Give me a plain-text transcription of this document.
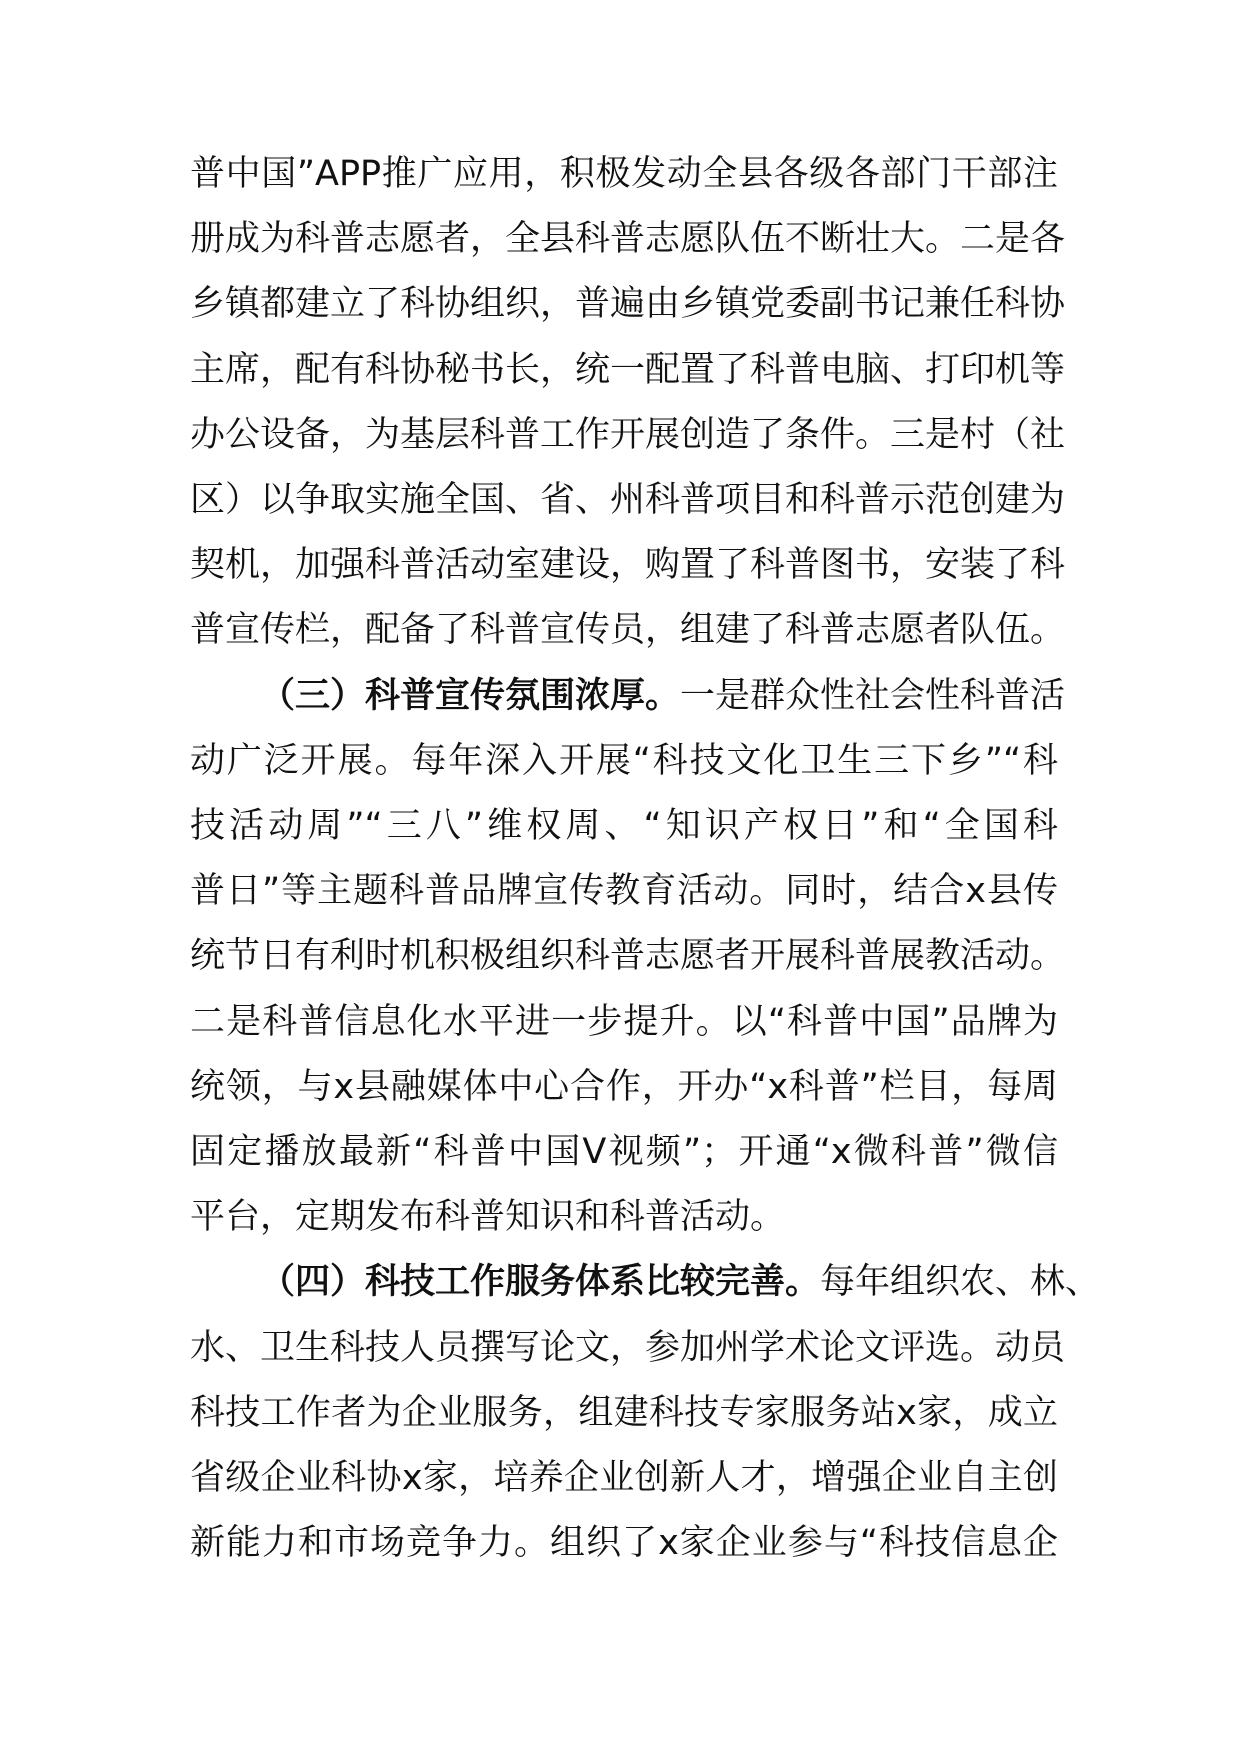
普中国”APP推广应用，积极发动全县各级各部门干部注
册成为科普志愿者，全县科普志愿队伍不断壮大。二是各
乡镇都建立了科协组织，普遍由乡镇党委副书记兼任科协
主席，配有科协秘书长，统一配置了科普电脑、打印机等
办公设备，为基层科普工作开展创造了条件。三是村（社
区）以争取实施全国、省、州科普项目和科普示范创建为
契机，加强科普活动室建设，购置了科普图书，安装了科
普宣传栏，配备了科普宣传员，组建了科普志愿者队伍。
（三）科普宣传氛围浓厚。一是群众性社会性科普活
动广泛开展。每年深入开展“科技文化卫生三下乡”“科
技活动周”“三八”维权周、“知识产权日”和“全国科
普日”等主题科普品牌宣传教育活动。同时，结合x县传
统节日有利时机积极组织科普志愿者开展科普展教活动。
二是科普信息化水平进一步提升。以“科普中国”品牌为
统领，与x县融媒体中心合作，开办“x科普”栏目，每周
固定播放最新“科普中国V视频”；开通“x微科普”微信
平台，定期发布科普知识和科普活动。
（四）科技工作服务体系比较完善。每年组织农、林、
水、卫生科技人员撰写论文，参加州学术论文评选。动员
科技工作者为企业服务，组建科技专家服务站x家，成立
省级企业科协x家，培养企业创新人才，增强企业自主创
新能力和市场竞争力。组织了x家企业参与“科技信息企
